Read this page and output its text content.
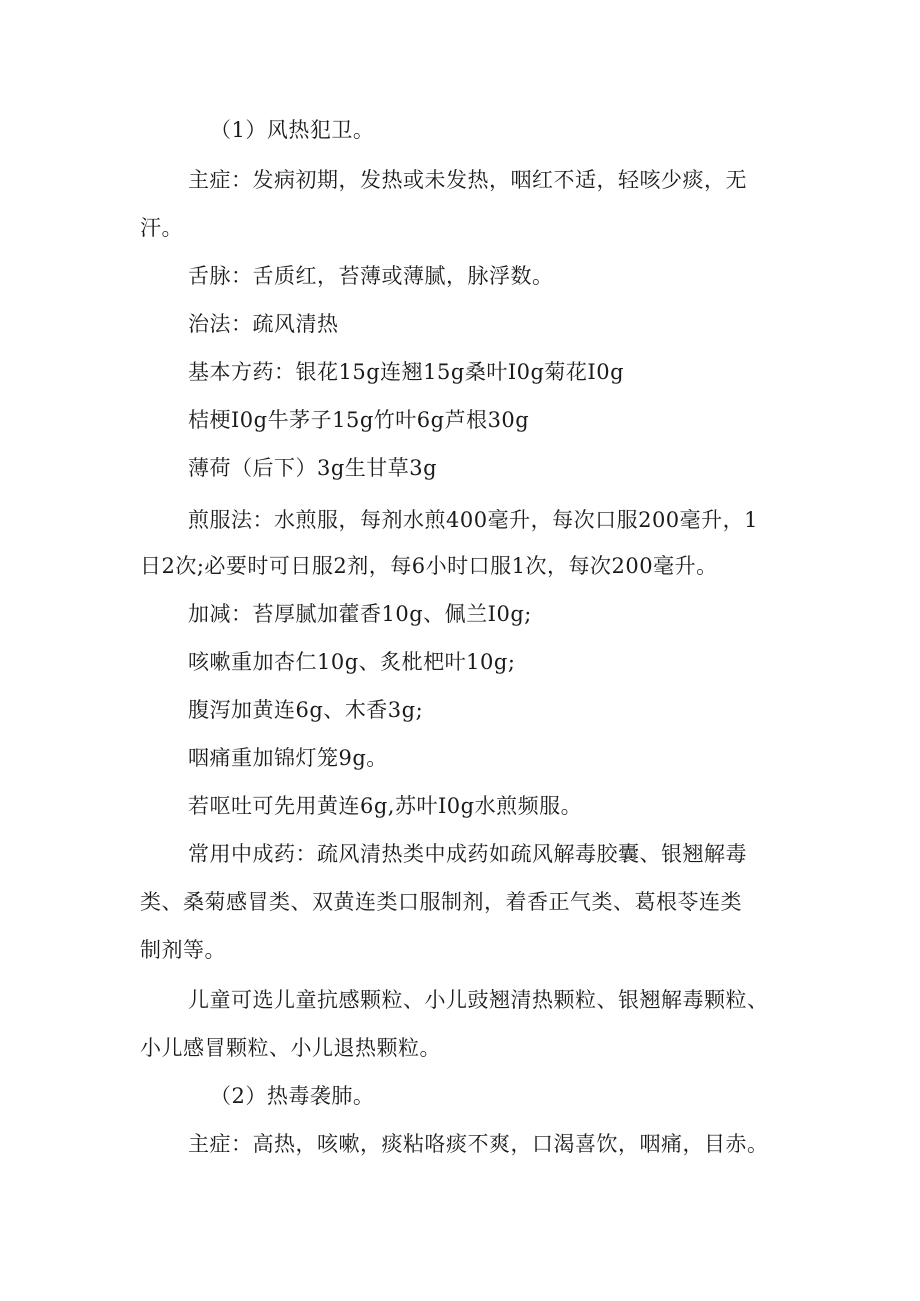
（1）风热犯卫。
主症：发病初期，发热或未发热，咽红不适，轻咳少痰，无
汗。
舌脉：舌质红，苔薄或薄腻，脉浮数。
治法：疏风清热
基本方药：银花15g连翘15g桑叶I0g菊花I0g
桔梗I0g牛茅子15g竹叶6g芦根30g
薄荷（后下）3g生甘草3g
煎服法：水煎服，每剂水煎400毫升，每次口服200毫升，1
日2次;必要时可日服2剂，每6小时口服1次，每次200毫升。
加减：苔厚腻加藿香10g、佩兰I0g;
咳嗽重加杏仁10g、炙枇杷叶10g;
腹泻加黄连6g、木香3g;
咽痛重加锦灯笼9g。
若呕吐可先用黄连6g,苏叶I0g水煎频服。
常用中成药：疏风清热类中成药如疏风解毒胶囊、银翘解毒
类、桑菊感冒类、双黄连类口服制剂，着香正气类、葛根苓连类
制剂等。
儿童可选儿童抗感颗粒、小儿豉翘清热颗粒、银翘解毒颗粒、
小儿感冒颗粒、小儿退热颗粒。
（2）热毒袭肺。
主症：高热，咳嗽，痰粘咯痰不爽，口渴喜饮，咽痛，目赤。
